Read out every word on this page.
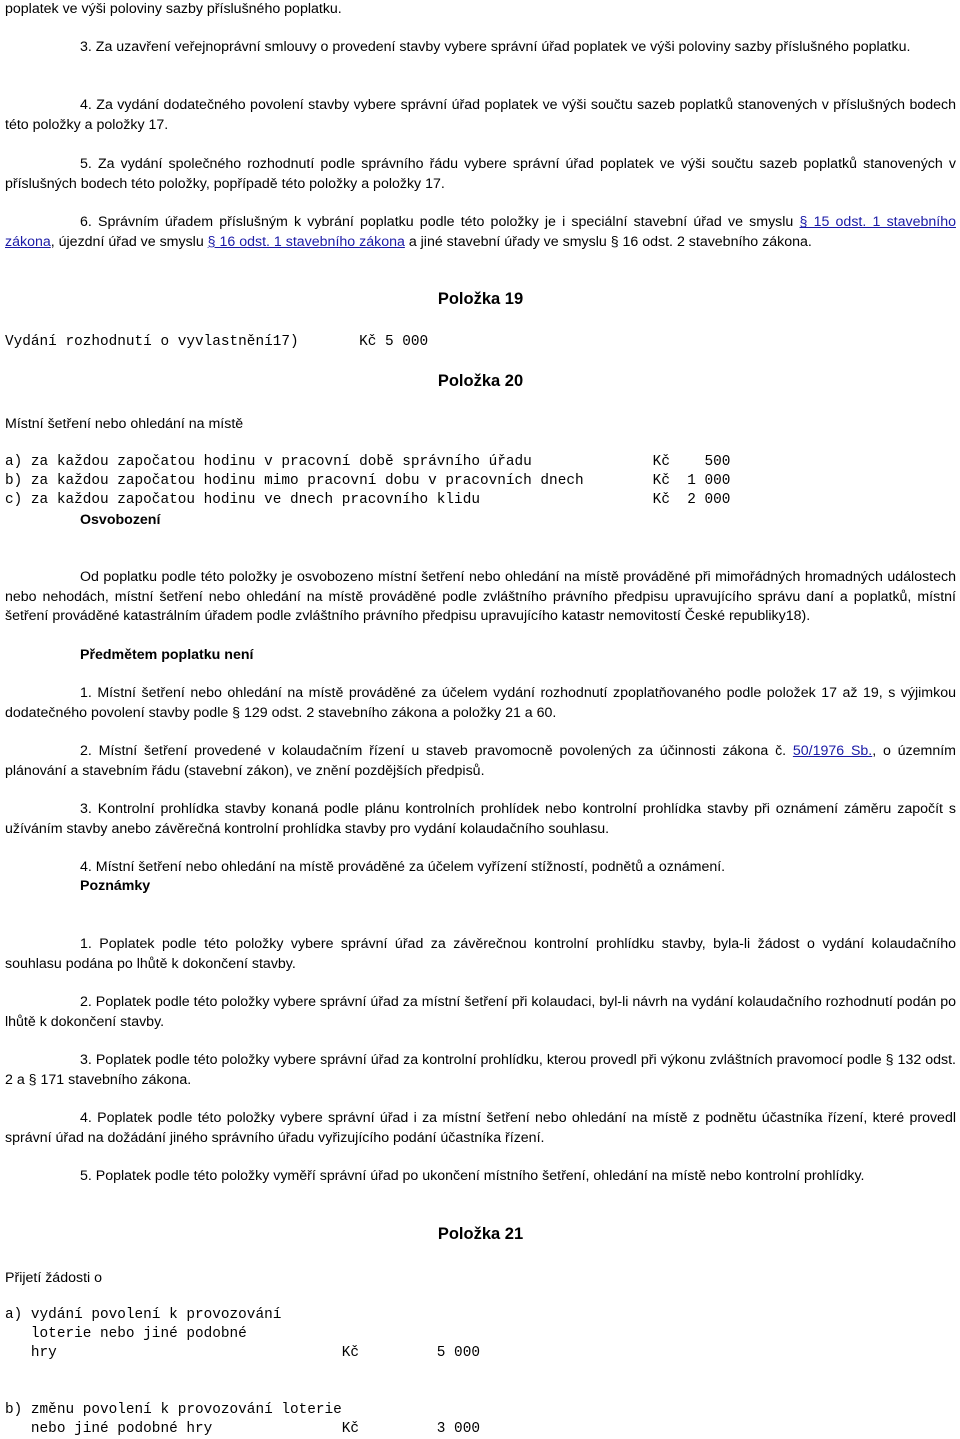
poplatek ve výši poloviny sazby příslušného poplatku.

3. Za uzavření veřejnoprávní smlouvy o provedení stavby vybere správní úřad poplatek ve výši poloviny sazby příslušného poplatku.

4. Za vydání dodatečného povolení stavby vybere správní úřad poplatek ve výši součtu sazeb poplatků stanovených v příslušných bodech této položky a položky 17.

5. Za vydání společného rozhodnutí podle správního řádu vybere správní úřad poplatek ve výši součtu sazeb poplatků stanovených v příslušných bodech této položky, popřípadě této položky a položky 17.

6. Správním úřadem příslušným k vybrání poplatku podle této položky je i speciální stavební úřad ve smyslu § 15 odst. 1 stavebního zákona, újezdní úřad ve smyslu § 16 odst. 1 stavebního zákona a jiné stavební úřady ve smyslu § 16 odst. 2 stavebního zákona.

Položka 19
Vydání rozhodnutí o vyvlastnění17)       Kč 5 000
Položka 20

Místní šetření nebo ohledání na místě

a) za každou započatou hodinu v pracovní době správního úřadu              Kč    500
b) za každou započatou hodinu mimo pracovní dobu v pracovních dnech        Kč  1 000
c) za každou započatou hodinu ve dnech pracovního klidu                    Kč  2 000

Osvobození

Od poplatku podle této položky je osvobozeno místní šetření nebo ohledání na místě prováděné při mimořádných hromadných událostech nebo nehodách, místní šetření nebo ohledání na místě prováděné podle zvláštního právního předpisu upravujícího správu daní a poplatků, místní šetření prováděné katastrálním úřadem podle zvláštního právního předpisu upravujícího katastr nemovitostí České republiky18).

Předmětem poplatku není

1. Místní šetření nebo ohledání na místě prováděné za účelem vydání rozhodnutí zpoplatňovaného podle položek 17 až 19, s výjimkou dodatečného povolení stavby podle § 129 odst. 2 stavebního zákona a položky 21 a 60.

2. Místní šetření provedené v kolaudačním řízení u staveb pravomocně povolených za účinnosti zákona č. 50/1976 Sb., o územním plánování a stavebním řádu (stavební zákon), ve znění pozdějších předpisů.

3. Kontrolní prohlídka stavby konaná podle plánu kontrolních prohlídek nebo kontrolní prohlídka stavby při oznámení záměru započít s užíváním stavby anebo závěrečná kontrolní prohlídka stavby pro vydání kolaudačního souhlasu.

4. Místní šetření nebo ohledání na místě prováděné za účelem vyřízení stížností, podnětů a oznámení.

Poznámky

1. Poplatek podle této položky vybere správní úřad za závěrečnou kontrolní prohlídku stavby, byla-li žádost o vydání kolaudačního souhlasu podána po lhůtě k dokončení stavby.

2. Poplatek podle této položky vybere správní úřad za místní šetření při kolaudaci, byl-li návrh na vydání kolaudačního rozhodnutí podán po lhůtě k dokončení stavby.

3. Poplatek podle této položky vybere správní úřad za kontrolní prohlídku, kterou provedl při výkonu zvláštních pravomocí podle § 132 odst. 2 a § 171 stavebního zákona.

4. Poplatek podle této položky vybere správní úřad i za místní šetření nebo ohledání na místě z podnětu účastníka řízení, které provedl správní úřad na dožádání jiného správního úřadu vyřizujícího podání účastníka řízení.

5. Poplatek podle této položky vyměří správní úřad po ukončení místního šetření, ohledání na místě nebo kontrolní prohlídky.

Položka 21

Přijetí žádosti o

a) vydání povolení k provozování
loterie nebo jiné podobné
hry                                 Kč         5 000
b) změnu povolení k provozování loterie
nebo jiné podobné hry               Kč         3 000
